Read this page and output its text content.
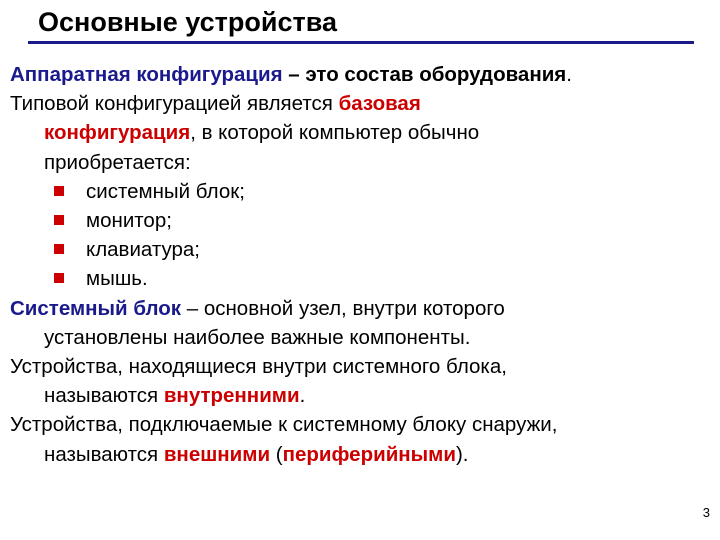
Основные устройства
Аппаратная конфигурация – это состав оборудования.
Типовой конфигурацией является базовая
конфигурация, в которой компьютер обычно
приобретается:
системный блок;
монитор;
клавиатура;
мышь.
Системный блок – основной узел, внутри которого
установлены наиболее важные компоненты.
Устройства, находящиеся внутри системного блока,
называются внутренними.
Устройства, подключаемые к системному блоку снаружи,
называются внешними (периферийными).
3
